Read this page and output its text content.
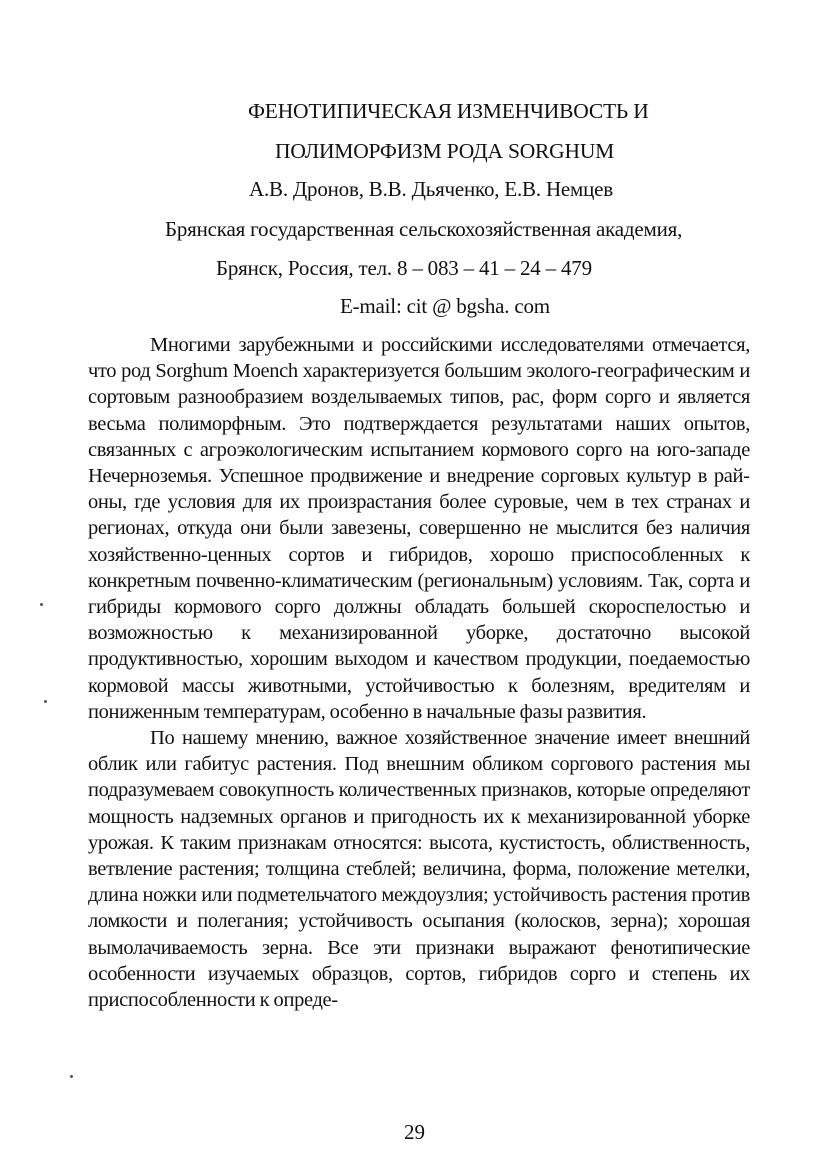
ФЕНОТИПИЧЕСКАЯ ИЗМЕНЧИВОСТЬ И
ПОЛИМОРФИЗМ РОДА SORGHUM
А.В. Дронов, В.В. Дьяченко, Е.В. Немцев
Брянская государственная сельскохозяйственная академия,
Брянск, Россия, тел. 8 – 083 – 41 – 24 – 479
E-mail: cit @ bgsha. com

Многими зарубежными и российскими исследователями отмечается, что род Sorghum Moench характеризуется большим эколого-географическим и сортовым разнообразием возделываемых типов, рас, форм сорго и является весьма полиморфным. Это подтверждается результатами наших опытов, связанных с агроэкологическим испытанием кормового сорго на юго-западе Нечерноземья. Успешное продвижение и внедрение сорговых культур в районы, где условия для их произрастания более суровые, чем в тех странах и регионах, откуда они были завезены, совершенно не мыслится без наличия хозяйственно-ценных сортов и гибридов, хорошо приспособленных к конкретным почвенно-климатическим (региональным) условиям. Так, сорта и гибриды кормового сорго должны обладать большей скороспелостью и возможностью к механизированной уборке, достаточно высокой продуктивностью, хорошим выходом и качеством продукции, поедаемостью кормовой массы животными, устойчивостью к болезням, вредителям и пониженным температурам, особенно в начальные фазы развития.

По нашему мнению, важное хозяйственное значение имеет внешний облик или габитус растения. Под внешним обликом соргового растения мы подразумеваем совокупность количественных признаков, которые определяют мощность надземных органов и пригодность их к механизированной уборке урожая. К таким признакам относятся: высота, кустистость, облиственность, ветвление растения; толщина стеблей; величина, форма, положение метелки, длина ножки или подметельчатого междоузлия; устойчивость растения против ломкости и полегания; устойчивость осыпания (колосков, зерна); хорошая вымолачиваемость зерна. Все эти признаки выражают фенотипические особенности изучаемых образцов, сортов, гибридов сорго и степень их приспособленности к опреде-

29
